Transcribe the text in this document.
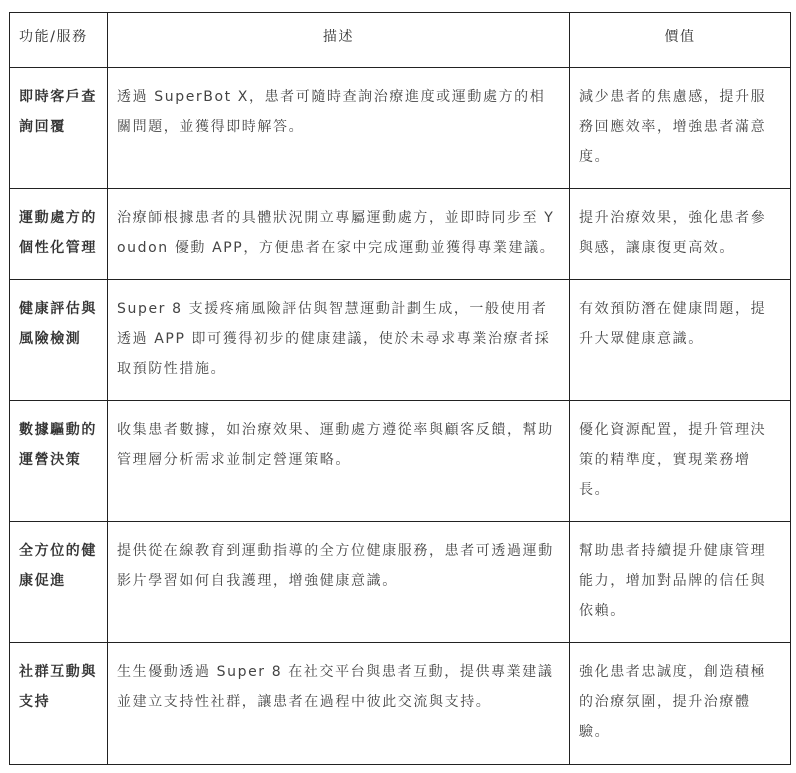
功能/服務	描述	價值
即時客戶查詢回覆	透過 SuperBot X，患者可隨時查詢治療進度或運動處方的相關問題，並獲得即時解答。	減少患者的焦慮感，提升服務回應效率，增強患者滿意度。
運動處方的個性化管理	治療師根據患者的具體狀況開立專屬運動處方，並即時同步至 Youdon 優動 APP，方便患者在家中完成運動並獲得專業建議。	提升治療效果，強化患者參與感，讓康復更高效。
健康評估與風險檢測	Super 8 支援疼痛風險評估與智慧運動計劃生成，一般使用者透過 APP 即可獲得初步的健康建議，使於未尋求專業治療者採取預防性措施。	有效預防潛在健康問題，提升大眾健康意識。
數據驅動的運營決策	收集患者數據，如治療效果、運動處方遵從率與顧客反饋，幫助管理層分析需求並制定營運策略。	優化資源配置，提升管理決策的精準度，實現業務增長。
全方位的健康促進	提供從在線教育到運動指導的全方位健康服務，患者可透過運動影片學習如何自我護理，增強健康意識。	幫助患者持續提升健康管理能力，增加對品牌的信任與依賴。
社群互動與支持	生生優動透過 Super 8 在社交平台與患者互動，提供專業建議並建立支持性社群，讓患者在過程中彼此交流與支持。	強化患者忠誠度，創造積極的治療氛圍，提升治療體驗。
